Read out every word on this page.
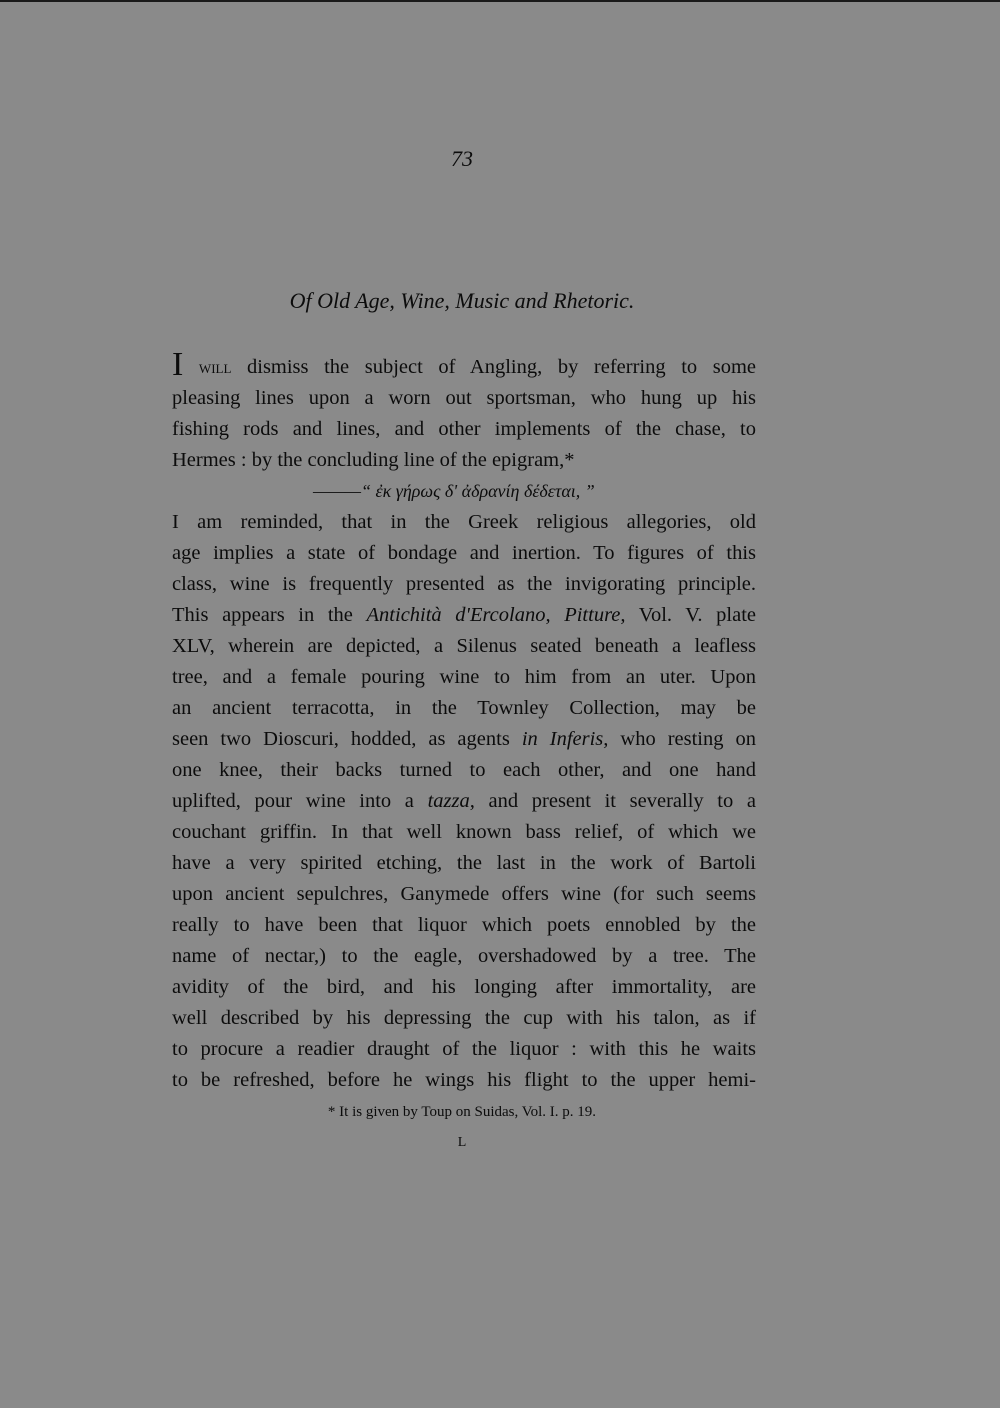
73
Of Old Age, Wine, Music and Rhetoric.
I will dismiss the subject of Angling, by referring to some
pleasing lines upon a worn out sportsman, who hung up his
fishing rods and lines, and other implements of the chase, to
Hermes : by the concluding line of the epigram,*
———“ ἐκ γήρως δ' ἀδρανίη δέδεται, ”
I am reminded, that in the Greek religious allegories, old
age implies a state of bondage and inertion. To figures of this
class, wine is frequently presented as the invigorating principle.
This appears in the Antichità d'Ercolano, Pitture, Vol. V. plate
XLV, wherein are depicted, a Silenus seated beneath a leafless
tree, and a female pouring wine to him from an uter. Upon
an ancient terracotta, in the Townley Collection, may be
seen two Dioscuri, hodded, as agents in Inferis, who resting on
one knee, their backs turned to each other, and one hand
uplifted, pour wine into a tazza, and present it severally to a
couchant griffin. In that well known bass relief, of which we
have a very spirited etching, the last in the work of Bartoli
upon ancient sepulchres, Ganymede offers wine (for such seems
really to have been that liquor which poets ennobled by the
name of nectar,) to the eagle, overshadowed by a tree. The
avidity of the bird, and his longing after immortality, are
well described by his depressing the cup with his talon, as if
to procure a readier draught of the liquor : with this he waits
to be refreshed, before he wings his flight to the upper hemi-
* It is given by Toup on Suidas, Vol. I. p. 19.
L
